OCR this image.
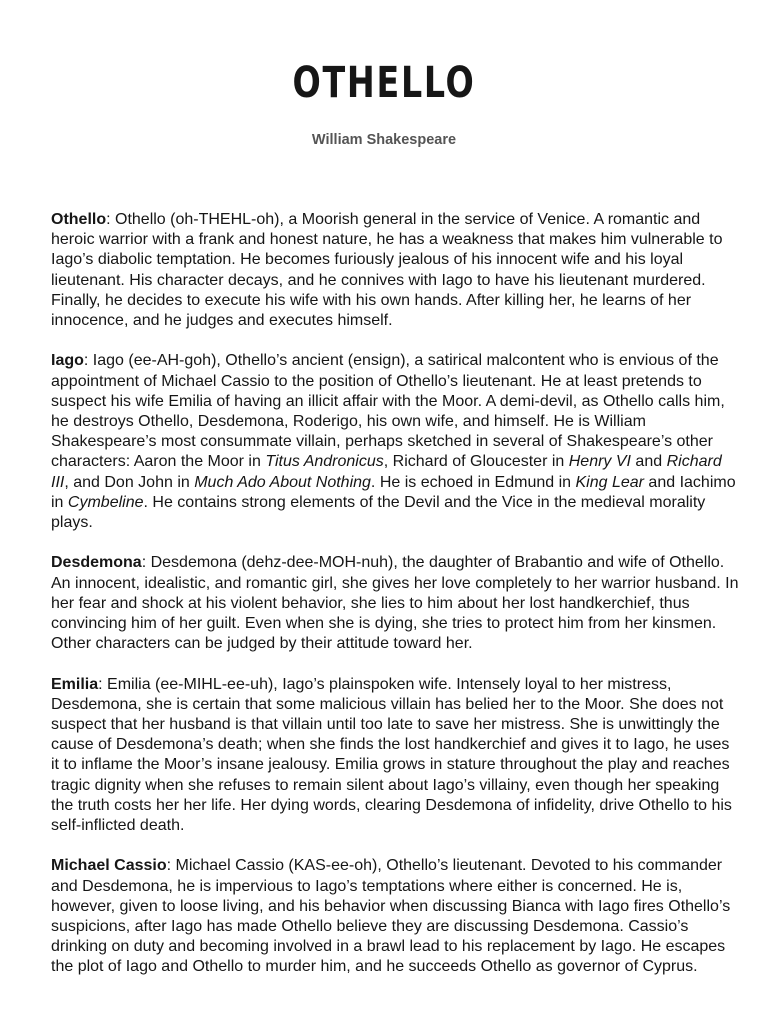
OTHELLO
William Shakespeare

Othello: Othello (oh-THEHL-oh), a Moorish general in the service of Venice. A romantic and heroic warrior with a frank and honest nature, he has a weakness that makes him vulnerable to Iago’s diabolic temptation. He becomes furiously jealous of his innocent wife and his loyal lieutenant. His character decays, and he connives with Iago to have his lieutenant murdered. Finally, he decides to execute his wife with his own hands. After killing her, he learns of her innocence, and he judges and executes himself.

Iago: Iago (ee-AH-goh), Othello’s ancient (ensign), a satirical malcontent who is envious of the appointment of Michael Cassio to the position of Othello’s lieutenant. He at least pretends to suspect his wife Emilia of having an illicit affair with the Moor. A demi-devil, as Othello calls him, he destroys Othello, Desdemona, Roderigo, his own wife, and himself. He is William Shakespeare’s most consummate villain, perhaps sketched in several of Shakespeare’s other characters: Aaron the Moor in Titus Andronicus, Richard of Gloucester in Henry VI and Richard III, and Don John in Much Ado About Nothing. He is echoed in Edmund in King Lear and Iachimo in Cymbeline. He contains strong elements of the Devil and the Vice in the medieval morality plays.

Desdemona: Desdemona (dehz-dee-MOH-nuh), the daughter of Brabantio and wife of Othello. An innocent, idealistic, and romantic girl, she gives her love completely to her warrior husband. In her fear and shock at his violent behavior, she lies to him about her lost handkerchief, thus convincing him of her guilt. Even when she is dying, she tries to protect him from her kinsmen. Other characters can be judged by their attitude toward her.

Emilia: Emilia (ee-MIHL-ee-uh), Iago’s plainspoken wife. Intensely loyal to her mistress, Desdemona, she is certain that some malicious villain has belied her to the Moor. She does not suspect that her husband is that villain until too late to save her mistress. She is unwittingly the cause of Desdemona’s death; when she finds the lost handkerchief and gives it to Iago, he uses it to inflame the Moor’s insane jealousy. Emilia grows in stature throughout the play and reaches tragic dignity when she refuses to remain silent about Iago’s villainy, even though her speaking the truth costs her her life. Her dying words, clearing Desdemona of infidelity, drive Othello to his self-inflicted death.

Michael Cassio: Michael Cassio (KAS-ee-oh), Othello’s lieutenant. Devoted to his commander and Desdemona, he is impervious to Iago’s temptations where either is concerned. He is, however, given to loose living, and his behavior when discussing Bianca with Iago fires Othello’s suspicions, after Iago has made Othello believe they are discussing Desdemona. Cassio’s drinking on duty and becoming involved in a brawl lead to his replacement by Iago. He escapes the plot of Iago and Othello to murder him, and he succeeds Othello as governor of Cyprus.
